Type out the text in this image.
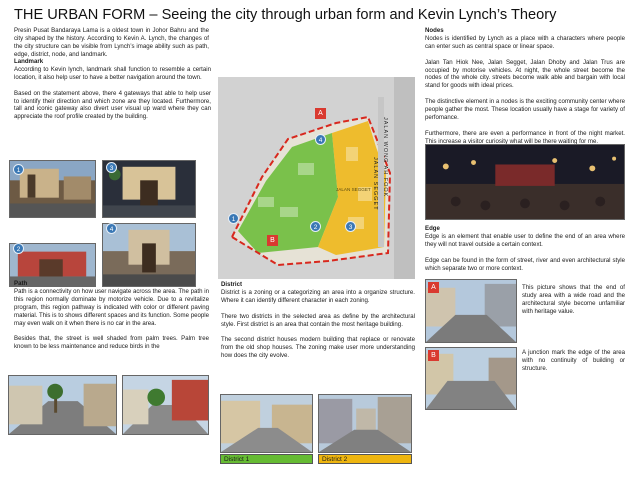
THE URBAN FORM – Seeing the city through urban form and Kevin Lynch’s Theory
Presin Pusat Bandaraya Lama is a oldest town in Johor Bahru and the city shaped by the history. According to Kevin A. Lynch, the changes of the city structure can be visible from Lynch’s image ability such as path, edge, district, node, and landmark.
Landmark

According to Kevin lynch, landmark shall function to resemble a certain location, it also help user to have a better navigation around the town.

Based on the statement above, there 4 gateways that able to help user to identify their direction and which zone are they located. Furthermore, tall and iconic gateway also divert user visual up ward where they can appreciate the roof profile created by the building.

1	3
2
4
Path

Path is a connectivity on how user navigate across the area. The path in this region normally dominate by motorize vehicle. Due to a revitalize program, this region pathway is indicated with color or different paving material. This is to shows different spaces and its function. Some people may even walk on it when there is no car in the area.

Besides that, the street is well shaded from palm trees. Palm tree known to be less maintenance and reduce birds in the

JALAN WONG AH FOOK
JALAN SEGGET
JALAN SEGGET
4
1
2	3
A
B
District

District is a zoning or a categorizing an area into a organize structure. Where it can identify different character in each zoning.

There two districts in the selected area as define by the architectural style. First district is an area that contain the most heritage building.

The second district houses modern building that replace or renovate from the old shop houses. The zoning make user more understanding how does the city evolve.

District 1	District 2
Nodes

Nodes is identified by Lynch as a place with a characters where people can enter such as central space or linear space.

Jalan Tan Hiok Nee, Jalan Segget, Jalan Dhoby and Jalan Trus are occupied by motorise vehicles. At night, the whole street become the nodes of the whole city. streets become walk able and bargain with local stand for goods with ideal prices.

The distinctive element in a nodes is the exciting community center where people gather the most. These location usually have a stage for variety of perfomance.

Furthermore, there are even a performance in front of the night market. This increase a visitor curiosity what will be there waiting for me.

Edge

Edge is an element that enable user to define the end of an area where they will not travel outside a certain context.

Edge can be found in the form of street, river and even architectural style which separate two or more context.

A	This picture shows that the end of study area with a wide road and the architectural style become unfamiliar with heritage value.
B	A junction mark the edge of the area with no continuity of building or structure.
